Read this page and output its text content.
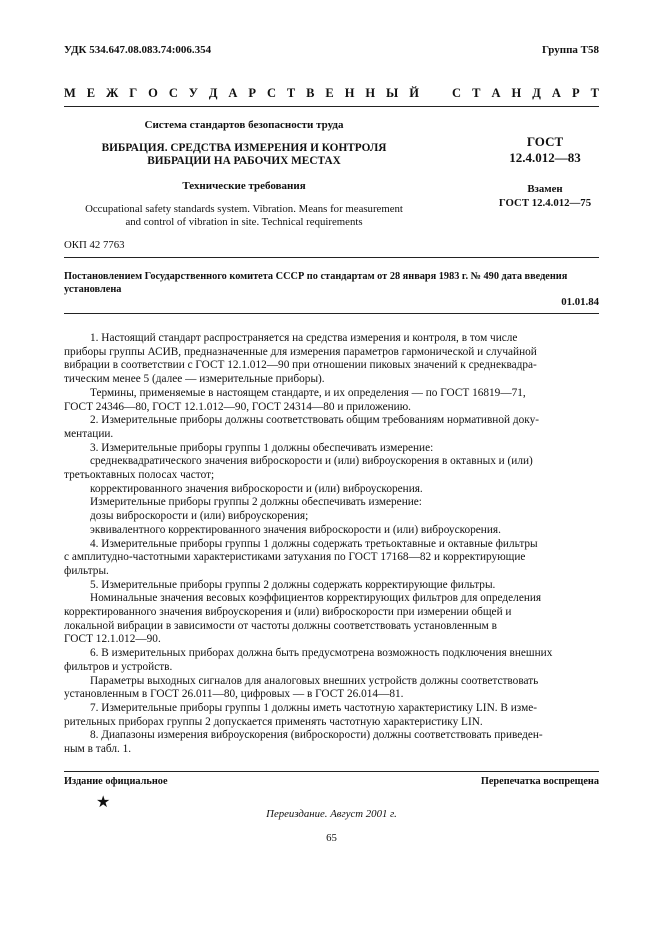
УДК 534.647.08.083.74:006.354	Группа Т58
М Е Ж Г О С У Д А Р С Т В Е Н Н Ы Й	С Т А Н Д А Р Т
Система стандартов безопасности труда
ВИБРАЦИЯ. СРЕДСТВА ИЗМЕРЕНИЯ И КОНТРОЛЯ
ВИБРАЦИИ НА РАБОЧИХ МЕСТАХ
Технические требования
Occupational safety standards system. Vibration. Means for measurement
and control of vibration in site. Technical requirements
ОКП 42 7763
ГОСТ
12.4.012—83
Взамен
ГОСТ 12.4.012—75
Постановлением Государственного комитета СССР по стандартам от 28 января 1983 г. № 490 дата введения
установлена
01.01.84
1. Настоящий стандарт распространяется на средства измерения и контроля, в том числе
приборы группы АСИВ, предназначенные для измерения параметров гармонической и случайной
вибрации в соответствии с ГОСТ 12.1.012—90 при отношении пиковых значений к среднеквадра-
тическим менее 5 (далее — измерительные приборы).
Термины, применяемые в настоящем стандарте, и их определения — по ГОСТ 16819—71,
ГОСТ 24346—80, ГОСТ 12.1.012—90, ГОСТ 24314—80 и приложению.
2. Измерительные приборы должны соответствовать общим требованиям нормативной доку-
ментации.
3. Измерительные приборы группы 1 должны обеспечивать измерение:
среднеквадратического значения виброскорости и (или) виброускорения в октавных и (или)
третьоктавных полосах частот;
корректированного значения виброскорости и (или) виброускорения.
Измерительные приборы группы 2 должны обеспечивать измерение:
дозы виброскорости и (или) виброускорения;
эквивалентного корректированного значения виброскорости и (или) виброускорения.
4. Измерительные приборы группы 1 должны содержать третьоктавные и октавные фильтры
с амплитудно-частотными характеристиками затухания по ГОСТ 17168—82 и корректирующие
фильтры.
5. Измерительные приборы группы 2 должны содержать корректирующие фильтры.
Номинальные значения весовых коэффициентов корректирующих фильтров для определения
корректированного значения виброускорения и (или) виброскорости при измерении общей и
локальной вибрации в зависимости от частоты должны соответствовать установленным в
ГОСТ 12.1.012—90.
6. В измерительных приборах должна быть предусмотрена возможность подключения внешних
фильтров и устройств.
Параметры выходных сигналов для аналоговых внешних устройств должны соответствовать
установленным в ГОСТ 26.011—80, цифровых — в ГОСТ 26.014—81.
7. Измерительные приборы группы 1 должны иметь частотную характеристику LIN. В изме-
рительных приборах группы 2 допускается применять частотную характеристику LIN.
8. Диапазоны измерения виброускорения (виброскорости) должны соответствовать приведен-
ным в табл. 1.
Издание официальное	Перепечатка воспрещена
★
Переиздание. Август 2001 г.
65
